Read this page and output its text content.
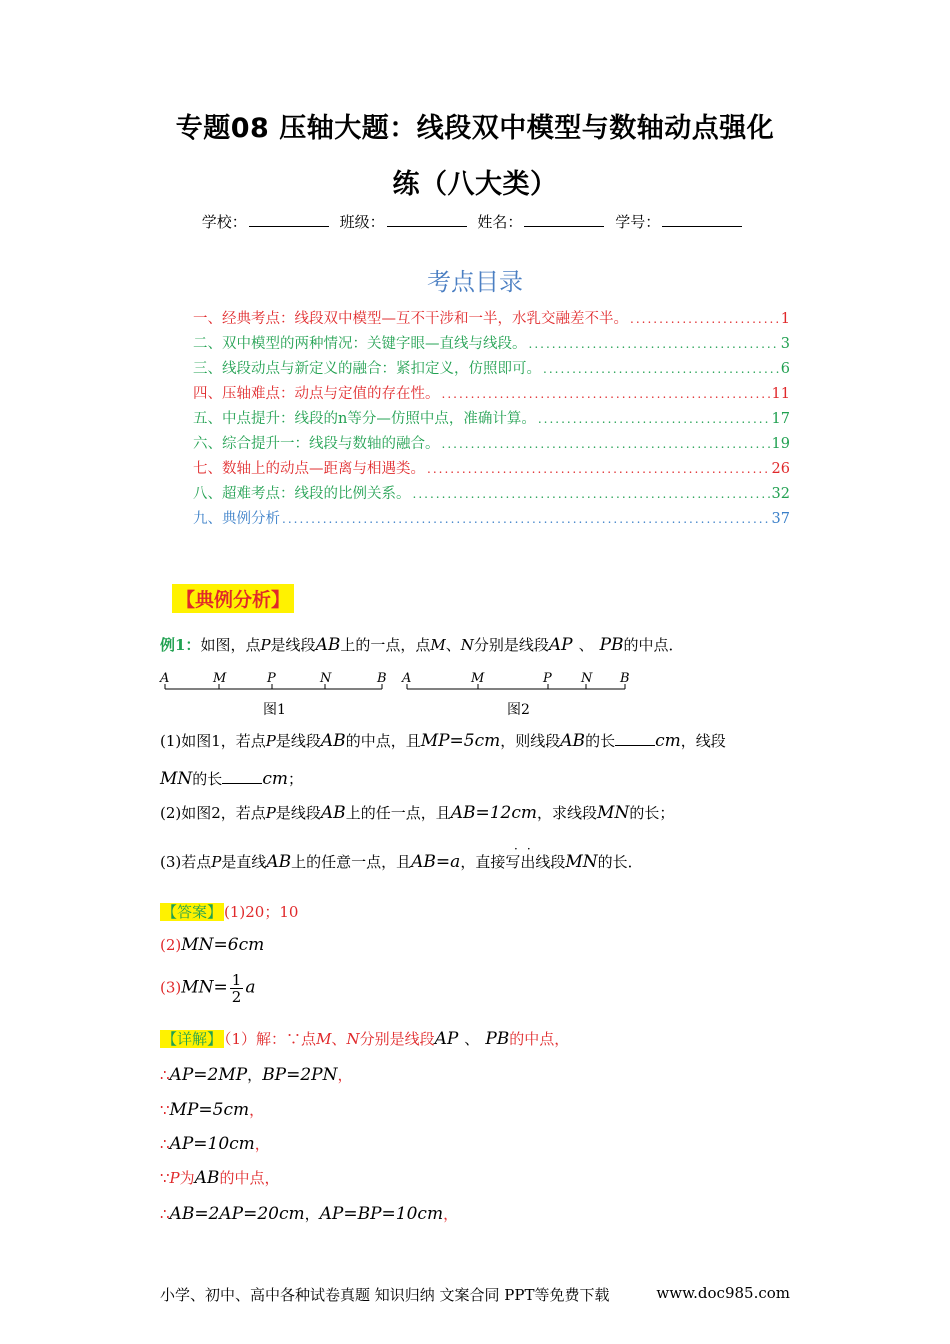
专题08 压轴大题：线段双中模型与数轴动点强化
练（八大类）
学校：	班级：	姓名：	学号：
考点目录
一、经典考点：线段双中模型—互不干涉和一半，水乳交融差不半。 .....	1
二、双中模型的两种情况：关键字眼—直线与线段。 .....	3
三、线段动点与新定义的融合：紧扣定义，仿照即可。 .....	6
四、压轴难点：动点与定值的存在性。 .....	11
五、中点提升：线段的n等分—仿照中点，准确计算。 .....	17
六、综合提升一：线段与数轴的融合。 .....	19
七、数轴上的动点—距离与相遇类。 .....	26
八、超难考点：线段的比例关系。 .....	32
九、典例分析 .....	37
【典例分析】
例1：如图，点P是线段AB上的一点，点M、N分别是线段AP 、 PB的中点．
A	M	P	N	B
图1
A	M	P N B
图2
(1)如图1，若点P是线段AB的中点，且MP=5cm，则线段AB的长 cm，线段
MN的长 cm；
(2)如图2，若点P是线段AB上的任一点，且AB=12cm，求线段MN的长；
··
(3)若点P是直线AB上的任意一点，且AB=a，直接写出线段MN的长．
【答案】 (1)20；10
(2)MN=6cm
$(3)MN= \frac{1}{2}$ a
【详解】 （1）解：∵点M、N分别是线段AP 、 PB的中点，
∴AP=2MP，BP=2PN，
∵MP=5cm，
∴AP=10cm，
∵P为AB的中点，
∴AB=2AP=20cm，AP=BP=10cm，
小学、初中、高中各种试卷真题 知识归纳 文案合同 PPT等免费下载	www.doc985.com
